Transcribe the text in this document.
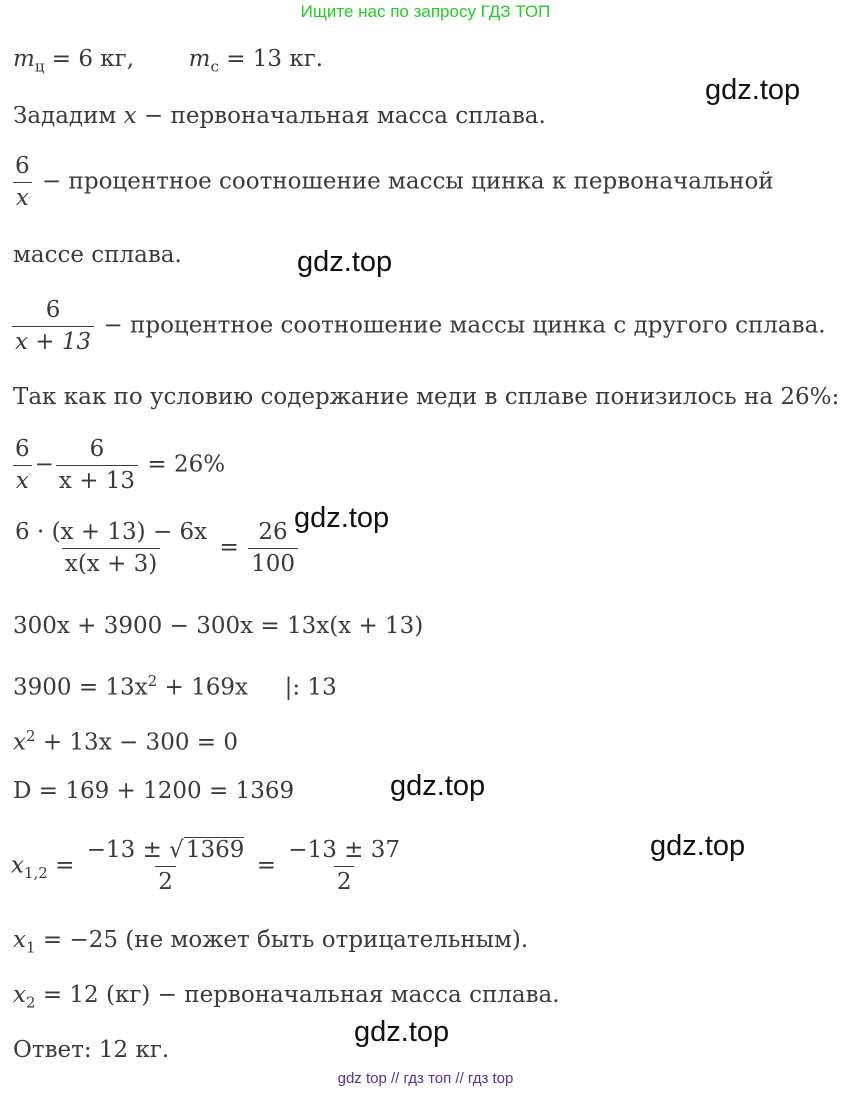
Ищите нас по запросу ГДЗ ТОП
$m_ц = 6$ кг, $m_с = 13$ кг.
Зададим x − первоначальная масса сплава.
$\frac{6}{x}$ − процентное соотношение массы цинка к первоначальной
массе сплава.
$\frac{6}{x + 13}$ − процентное соотношение массы цинка с другого сплава.
Так как по условию содержание меди в сплаве понизилось на 26%:
$\frac{6}{x} - \frac{6}{x + 13} = 26\%$
$\frac{6 \cdot (x + 13) - 6x}{x(x + 3)} = \frac{26}{100}$
300x + 3900 − 300x = 13x(x + 13)
$3900 = 13x^2 + 169x$ |: 13
$x^2 + 13x - 300 = 0$
D = 169 + 1200 = 1369
$x_{1,2} = \frac{-13 \pm √1369}{2} = \frac{-13 \pm 37}{2}$
$x_1 = -25$ (не может быть отрицательным).
$x_2 = 12$ (кг) − первоначальная масса сплава.
Ответ: 12 кг.
gdz.top
gdz.top
gdz.top
gdz.top
gdz.top
gdz.top
gdz top // гдз топ // гдз top
